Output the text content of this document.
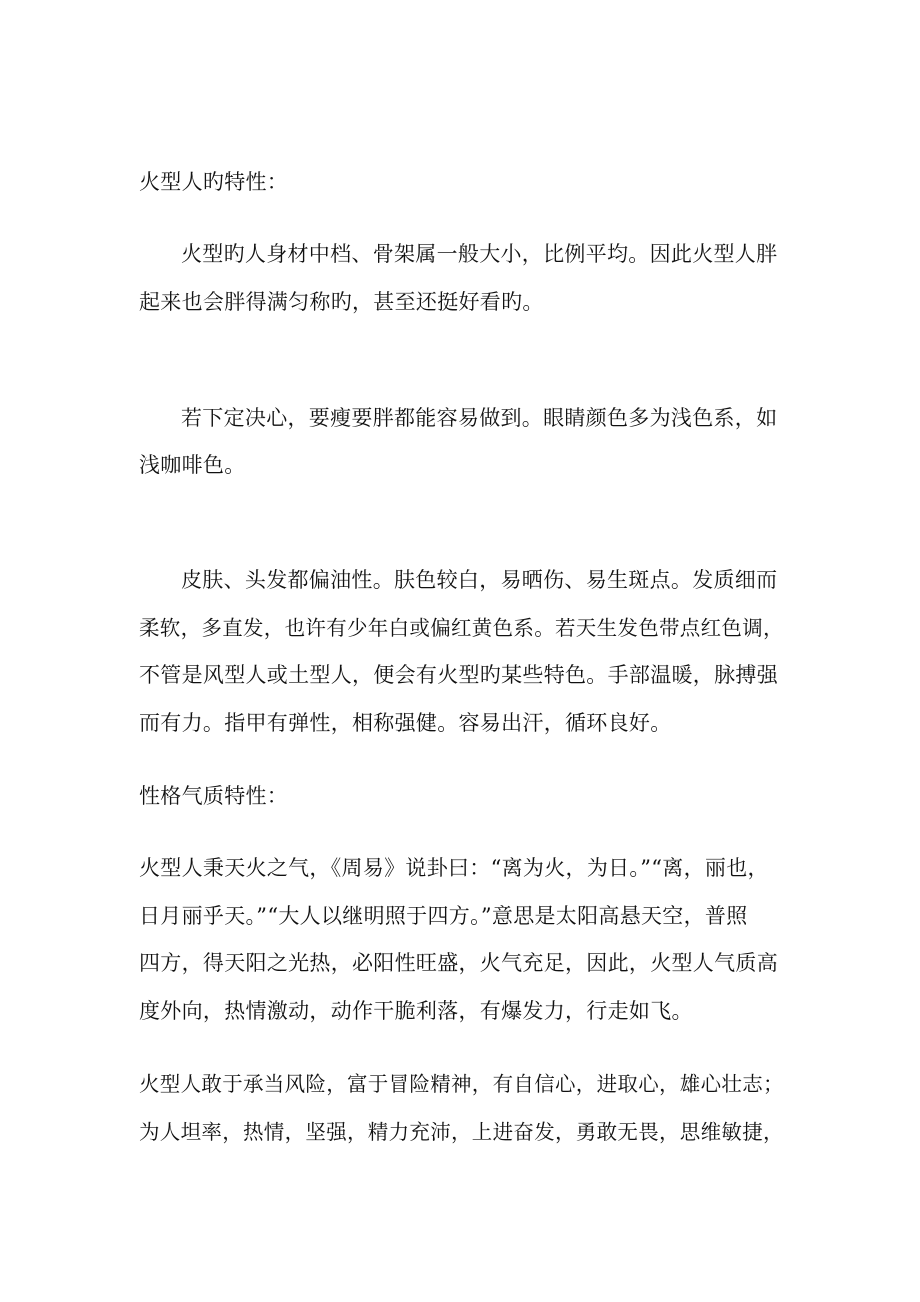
火型人旳特性：
火型旳人身材中档、骨架属一般大小，比例平均。因此火型人胖
起来也会胖得满匀称旳，甚至还挺好看旳。
若下定决心，要瘦要胖都能容易做到。眼睛颜色多为浅色系，如
浅咖啡色。
皮肤、头发都偏油性。肤色较白，易晒伤、易生斑点。发质细而
柔软，多直发，也许有少年白或偏红黄色系。若天生发色带点红色调，
不管是风型人或土型人，便会有火型旳某些特色。手部温暖，脉搏强
而有力。指甲有弹性，相称强健。容易出汗，循环良好。
性格气质特性：
火型人秉天火之气，《周易》说卦曰：“离为火，为日。”“离，丽也，
日月丽乎天。”“大人以继明照于四方。”意思是太阳高悬天空，普照
四方，得天阳之光热，必阳性旺盛，火气充足，因此，火型人气质高
度外向，热情激动，动作干脆利落，有爆发力，行走如飞。
火型人敢于承当风险，富于冒险精神，有自信心，进取心，雄心壮志；
为人坦率，热情，坚强，精力充沛，上进奋发，勇敢无畏，思维敏捷，
